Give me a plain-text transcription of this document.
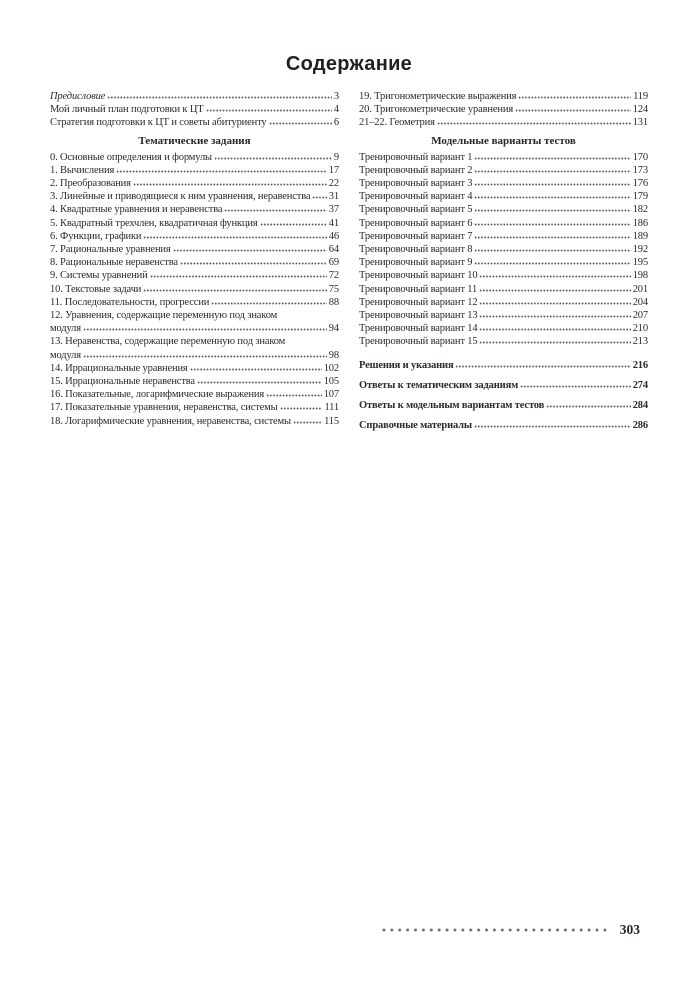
Содержание
Предисловие	3
Мой личный план подготовки к ЦТ	4
Стратегия подготовки к ЦТ и советы абитуриенту	6
Тематические задания
0. Основные определения и формулы	9
1. Вычисления	17
2. Преобразования	22
3. Линейные и приводящиеся к ним уравнения, неравенства 31
4. Квадратные уравнения и неравенства	37
5. Квадратный трехчлен, квадратичная функция	41
6. Функции, графики	46
7. Рациональные уравнения	64
8. Рациональные неравенства	69
9. Системы уравнений	72
10. Текстовые задачи	75
11. Последовательности, прогрессии	88
12. Уравнения, содержащие переменную под знаком
модуля	94
13. Неравенства, содержащие переменную под знаком
модуля	98
14. Иррациональные уравнения	102
15. Иррациональные неравенства	105
16. Показательные, логарифмические выражения	107
17. Показательные уравнения, неравенства, системы	111
18. Логарифмические уравнения, неравенства, системы	115
19. Тригонометрические выражения	119
20. Тригонометрические уравнения	124
21–22. Геометрия	131
Модельные варианты тестов
Тренировочный вариант 1	170
Тренировочный вариант 2	173
Тренировочный вариант 3	176
Тренировочный вариант 4	179
Тренировочный вариант 5	182
Тренировочный вариант 6	186
Тренировочный вариант 7	189
Тренировочный вариант 8	192
Тренировочный вариант 9	195
Тренировочный вариант 10	198
Тренировочный вариант 11	201
Тренировочный вариант 12	204
Тренировочный вариант 13	207
Тренировочный вариант 14	210
Тренировочный вариант 15	213
Решения и указания	216
Ответы к тематическим заданиям	274
Ответы к модельным вариантам тестов	284
Справочные материалы	286
303
